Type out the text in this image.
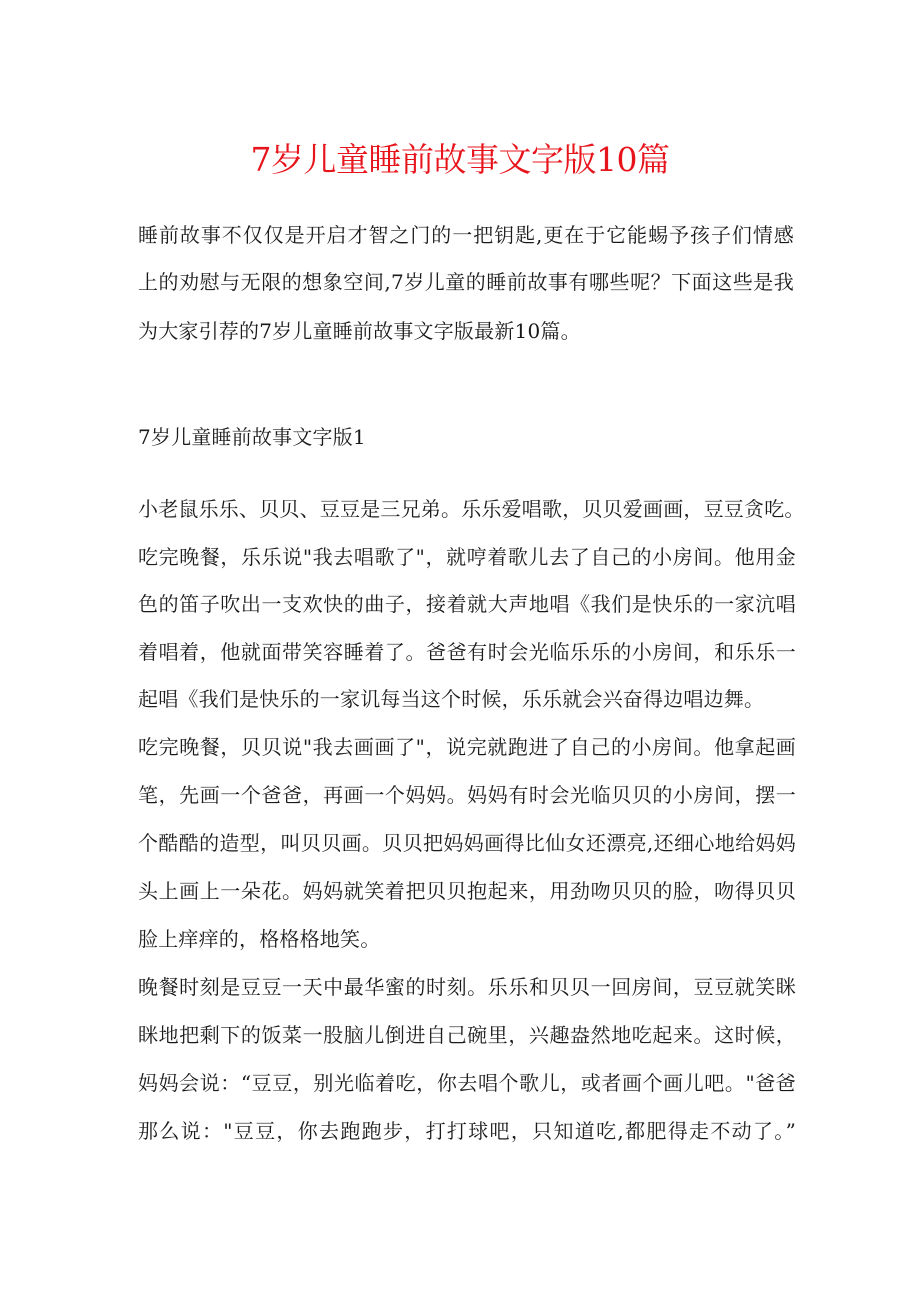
7岁儿童睡前故事文字版10篇
睡前故事不仅仅是开启才智之门的一把钥匙,更在于它能蜴予孩子们情感
上的劝慰与无限的想象空间,7岁儿童的睡前故事有哪些呢？下面这些是我
为大家引荐的7岁儿童睡前故事文字版最新10篇。
7岁儿童睡前故事文字版1
小老鼠乐乐、贝贝、豆豆是三兄弟。乐乐爱唱歌，贝贝爱画画，豆豆贪吃。
吃完晚餐，乐乐说"我去唱歌了"，就哼着歌儿去了自己的小房间。他用金
色的笛子吹出一支欢快的曲子，接着就大声地唱《我们是快乐的一家沆唱
着唱着，他就面带笑容睡着了。爸爸有时会光临乐乐的小房间，和乐乐一
起唱《我们是快乐的一家讥每当这个时候，乐乐就会兴奋得边唱边舞。
吃完晚餐，贝贝说"我去画画了"，说完就跑进了自己的小房间。他拿起画
笔，先画一个爸爸，再画一个妈妈。妈妈有时会光临贝贝的小房间，摆一
个酷酷的造型，叫贝贝画。贝贝把妈妈画得比仙女还漂亮,还细心地给妈妈
头上画上一朵花。妈妈就笑着把贝贝抱起来，用劲吻贝贝的脸，吻得贝贝
脸上痒痒的，格格格地笑。
晚餐时刻是豆豆一天中最华蜜的时刻。乐乐和贝贝一回房间，豆豆就笑眯
眯地把剩下的饭菜一股脑儿倒进自己碗里，兴趣盎然地吃起来。这时候，
妈妈会说：“豆豆，别光临着吃，你去唱个歌儿，或者画个画儿吧。"爸爸
那么说："豆豆，你去跑跑步，打打球吧，只知道吃,都肥得走不动了。”
